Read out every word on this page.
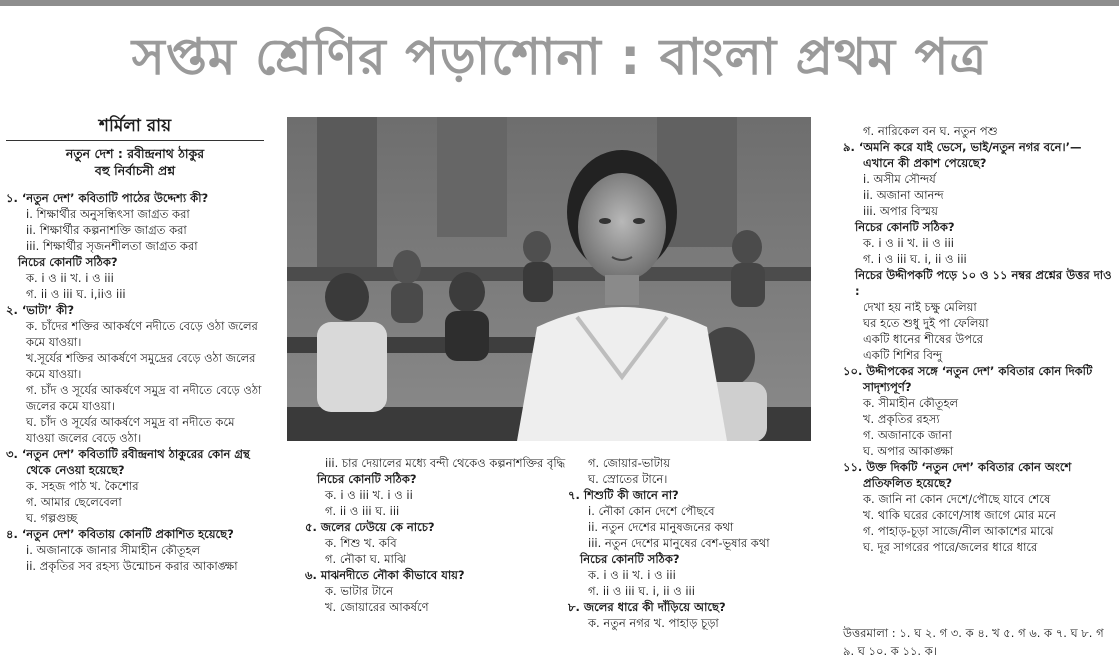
সপ্তম শ্রেণির পড়াশোনা : বাংলা প্রথম পত্র
শর্মিলা রায়
নতুন দেশ : রবীন্দ্রনাথ ঠাকুর
বহু নির্বাচনী প্রশ্ন

১. ‘নতুন দেশ’ কবিতাটি পাঠের উদ্দেশ্য কী?

i. শিক্ষার্থীর অনুসন্ধিৎসা জাগ্রত করা

ii. শিক্ষার্থীর কল্পনাশক্তি জাগ্রত করা

iii. শিক্ষার্থীর সৃজনশীলতা জাগ্রত করা

নিচের কোনটি সঠিক?

ক. i ও ii খ. i ও iii

গ. ii ও iii ঘ. i,iiও iii

২. ‘ভাটা’ কী?

ক. চাঁদের শক্তির আকর্ষণে নদীতে বেড়ে ওঠা জলের কমে যাওয়া।

খ.সূর্যের শক্তির আকর্ষণে সমুদ্রের বেড়ে ওঠা জলের কমে যাওয়া।

গ. চাঁদ ও সূর্যের আকর্ষণে সমুদ্র বা নদীতে বেড়ে ওঠা জলের কমে যাওয়া।

ঘ. চাঁদ ও সূর্যের আকর্ষণে সমুদ্র বা নদীতে কমে যাওয়া জলের বেড়ে ওঠা।

৩. ‘নতুন দেশ’ কবিতাটি রবীন্দ্রনাথ ঠাকুরের কোন গ্রন্থ থেকে নেওয়া হয়েছে?

ক. সহজ পাঠ খ. কৈশোর

গ. আমার ছেলেবেলা

ঘ. গল্পগুচ্ছ

৪. ‘নতুন দেশ’ কবিতায় কোনটি প্রকাশিত হয়েছে?

i. অজানাকে জানার সীমাহীন কৌতূহল

ii. প্রকৃতির সব রহস্য উন্মোচন করার আকাঙ্ক্ষা

iii. চার দেয়ালের মধ্যে বন্দী থেকেও কল্পনাশক্তির বৃদ্ধি

নিচের কোনটি সঠিক?

ক. i ও iii খ. i ও ii

গ. ii ও iii ঘ. iii

৫. জলের ঢেউয়ে কে নাচে?

ক. শিশু খ. কবি

গ. নৌকা ঘ. মাঝি

৬. মাঝনদীতে নৌকা কীভাবে যায়?

ক. ভাটার টানে

খ. জোয়ারের আকর্ষণে

গ. জোয়ার-ভাটায়

ঘ. স্রোতের টানে।

৭. শিশুটি কী জানে না?

i. নৌকা কোন দেশে পৌছবে

ii. নতুন দেশের মানুষজনের কথা

iii. নতুন দেশের মানুষের বেশ-ভূষার কথা

নিচের কোনটি সঠিক?

ক. i ও ii খ. i ও iii

গ. ii ও iii ঘ. i, ii ও iii

৮. জলের ধারে কী দাঁড়িয়ে আছে?

ক. নতুন নগর খ. পাহাড় চূড়া

গ. নারিকেল বন ঘ. নতুন পশু

৯. ‘অমনি করে যাই ভেসে, ভাই/নতুন নগর বনে।’— এখানে কী প্রকাশ পেয়েছে?

i. অসীম সৌন্দর্য

ii. অজানা আনন্দ

iii. অপার বিস্ময়

নিচের কোনটি সঠিক?

ক. i ও ii খ. ii ও iii

গ. i ও iii ঘ. i, ii ও iii

নিচের উদ্দীপকটি পড়ে ১০ ও ১১ নম্বর প্রশ্নের উত্তর দাও :

দেখা হয় নাই চক্ষু মেলিয়া

ঘর হতে শুধু দুই পা ফেলিয়া

একটি ধানের শীষের উপরে

একটি শিশির বিন্দু

১০. উদ্দীপকের সঙ্গে ‘নতুন দেশ’ কবিতার কোন দিকটি সাদৃশ্যপূর্ণ?

ক. সীমাহীন কৌতূহল

খ. প্রকৃতির রহস্য

গ. অজানাকে জানা

ঘ. অপার আকাঙ্ক্ষা

১১. উক্ত দিকটি ‘নতুন দেশ’ কবিতার কোন অংশে প্রতিফলিত হয়েছে?

ক. জানি না কোন দেশে/পৌছে যাবে শেষে

খ. থাকি ঘরের কোণে/সাধ জাগে মোর মনে

গ. পাহাড়-চূড়া সাজে/নীল আকাশের মাঝে

ঘ. দূর সাগরের পারে/জলের ধারে ধারে

উত্তরমালা : ১. ঘ ২. গ ৩. ক ৪. খ ৫. গ ৬. ক ৭. ঘ ৮. গ ৯. ঘ ১০. ক ১১. ক।
